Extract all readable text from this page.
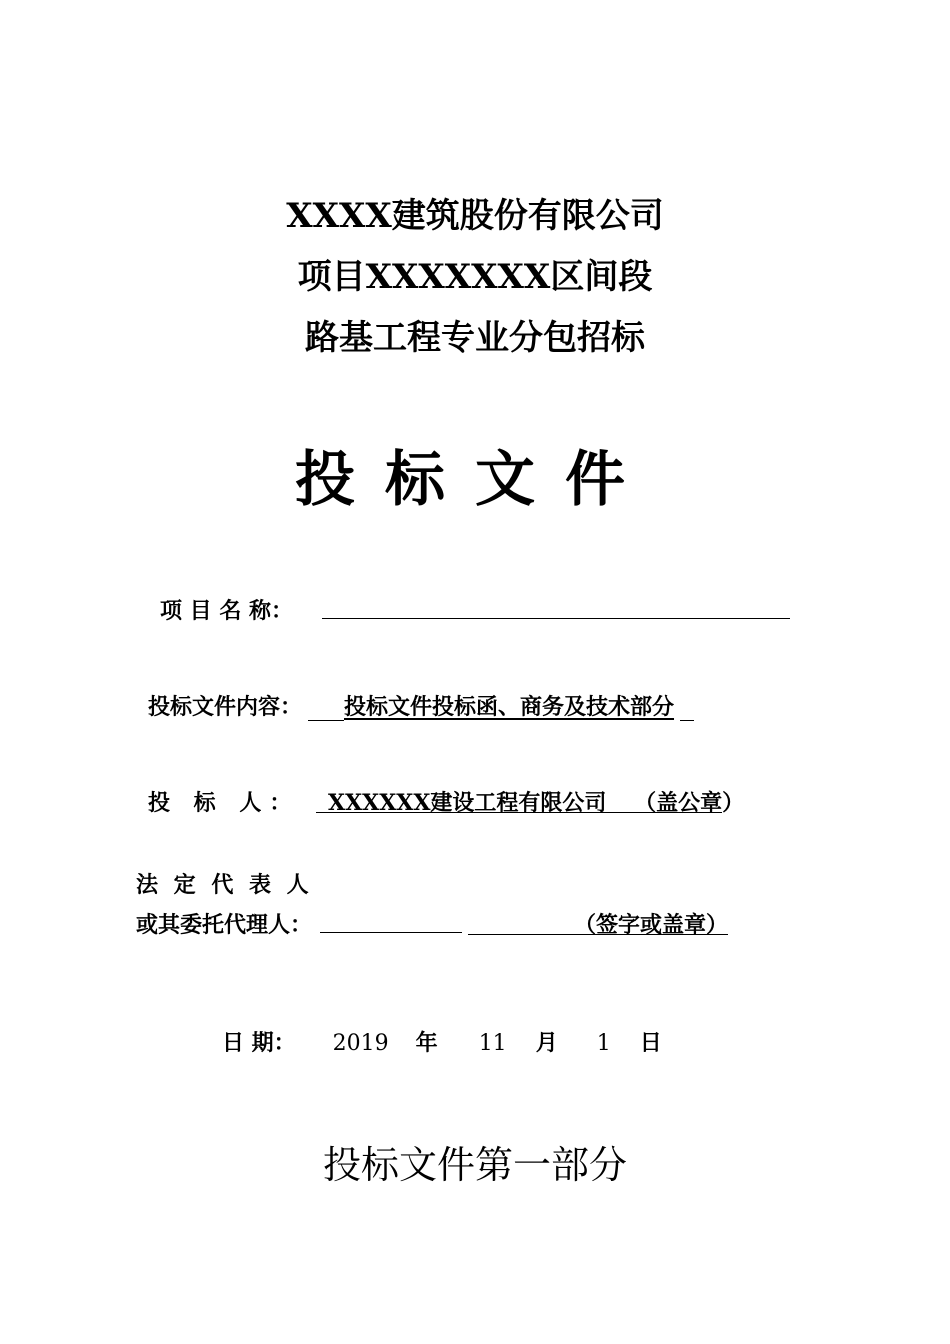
XXXX建筑股份有限公司
项目XXXXXXX区间段
路基工程专业分包招标
投标文件
项 目 名 称：
投标文件内容：	投标文件投标函、商务及技术部分
投 标 人：	XXXXXX建设工程有限公司 （盖公章）
法 定 代 表 人
或其委托代理人：	（签字或盖章）
日 期： 2019 年 11 月 1 日
投标文件第一部分
